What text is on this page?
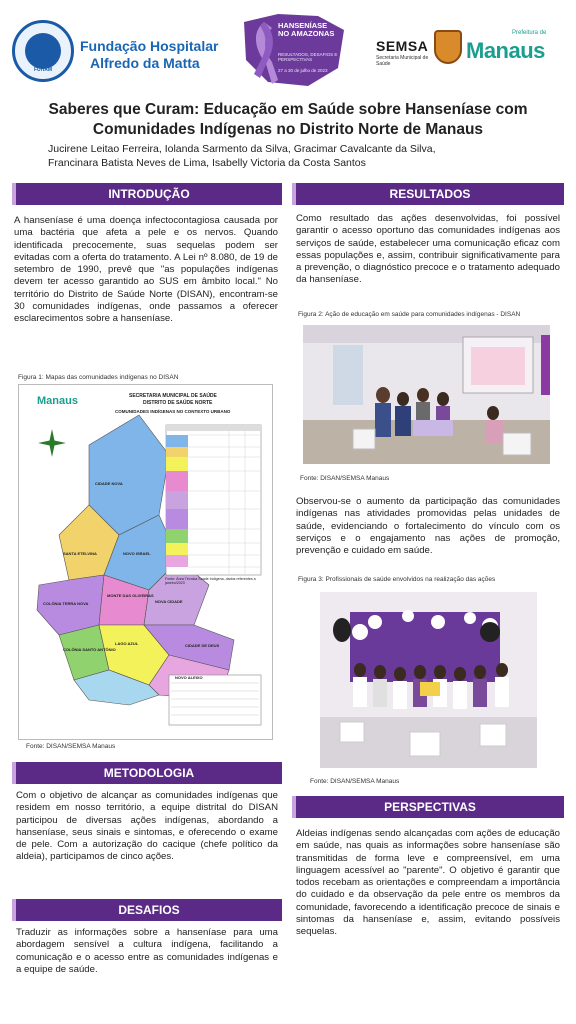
FUHAM
Fundação Hospitalar
Alfredo da Matta
HANSENÍASE
NO AMAZONAS
RESULTADOS, DESAFIOS E PERSPECTIVAS
27 a 30 de julho de 2023
SEMSA
Secretaria Municipal de Saúde
Prefeitura de
Manaus
Saberes que Curam: Educação em Saúde sobre Hanseníase com
Comunidades Indígenas no Distrito Norte de Manaus
Jucirene Leitao Ferreira, Iolanda Sarmento da Silva, Gracimar Cavalcante da Silva,
Francinara Batista Neves de Lima, Isabelly Victoria da Costa Santos
INTRODUÇÃO
A hanseníase é uma doença infectocontagiosa causada por uma bactéria que afeta a pele e os nervos. Quando identificada precocemente, suas sequelas podem ser evitadas com a oferta do tratamento. A Lei nº 8.080, de 19 de setembro de 1990, prevê que "as populações indígenas devem ter acesso garantido ao SUS em âmbito local." No território do Distrito de Saúde Norte (DISAN), encontram-se 30 comunidades indígenas, onde passamos a oferecer esclarecimentos sobre a hanseníase.
Figura 1: Mapas das comunidades indígenas no DISAN
Manaus	SECRETARIA MUNICIPAL DE SAÚDE
DISTRITO DE SAÚDE NORTE
COMUNIDADES INDÍGENAS NO CONTEXTO URBANO
CIDADE NOVA
SANTA ETELVINA
COLÔNIA TERRA NOVA
NOVO ISRAEL
MONTE DAS OLIVEIRAS
COLÔNIA SANTO ANTÔNIO
NOVA CIDADE
LAGO AZUL	CIDADE DE DEUS
NOVO ALEIXO
Fonte: Área Técnica Saúde Indígena, dados referentes a janeiro/2023
Fonte: DISAN/SEMSA Manaus
METODOLOGIA
Com o objetivo de alcançar as comunidades indígenas que residem em nosso território, a equipe distrital do DISAN participou de diversas ações indígenas, abordando a hanseníase, seus sinais e sintomas, e oferecendo o exame de pele. Com a autorização do cacique (chefe político da aldeia), participamos de cinco ações.
DESAFIOS
Traduzir as informações sobre a hanseníase para uma abordagem sensível a cultura indígena, facilitando a comunicação e o acesso entre as comunidades indígenas e a equipe de saúde.
RESULTADOS
Como resultado das ações desenvolvidas, foi possível garantir o acesso oportuno das comunidades indígenas aos serviços de saúde, estabelecer uma comunicação eficaz com essas populações e, assim, contribuir significativamente para a prevenção, o diagnóstico precoce e o tratamento adequado da hanseníase.
Figura 2: Ação de educação em saúde para comunidades indígenas - DISAN
Fonte: DISAN/SEMSA Manaus
Observou-se o aumento da participação das comunidades indígenas nas atividades promovidas pelas unidades de saúde, evidenciando o fortalecimento do vínculo com os serviços e o engajamento nas ações de promoção, prevenção e cuidado em saúde.
Figura 3: Profissionais de saúde envolvidos na realização das ações
Fonte: DISAN/SEMSA Manaus
PERSPECTIVAS
Aldeias indígenas sendo alcançadas com ações de educação em saúde, nas quais as informações sobre hanseníase são transmitidas de forma leve e compreensível, em uma linguagem acessível ao "parente". O objetivo é garantir que todos recebam as orientações e compreendam a importância do cuidado e da observação da pele entre os membros da comunidade, favorecendo a identificação precoce de sinais e sintomas da hanseníase e, assim, evitando possíveis sequelas.
